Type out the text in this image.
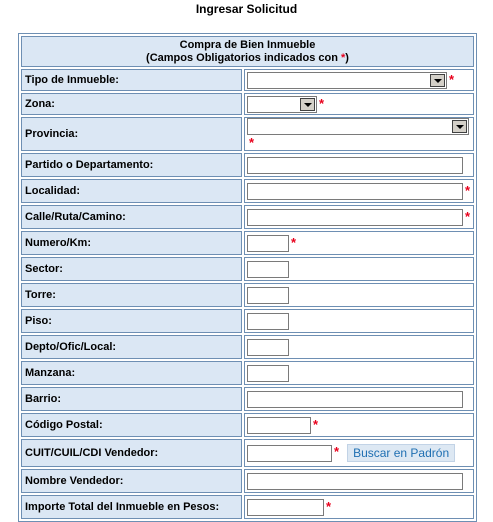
Ingresar Solicitud
Compra de Bien Inmueble
(Campos Obligatorios indicados con *)	

Tipo de Inmueble:	*
Zona:	*
Provincia:	*
Partido o Departamento:	
Localidad:	*
Calle/Ruta/Camino:	*
Numero/Km:	*
Sector:	
Torre:	
Piso:	
Depto/Ofic/Local:	
Manzana:	
Barrio:	
Código Postal:	*
CUIT/CUIL/CDI Vendedor:	* Buscar en Padrón
Nombre Vendedor:	
Importe Total del Inmueble en Pesos:	*
